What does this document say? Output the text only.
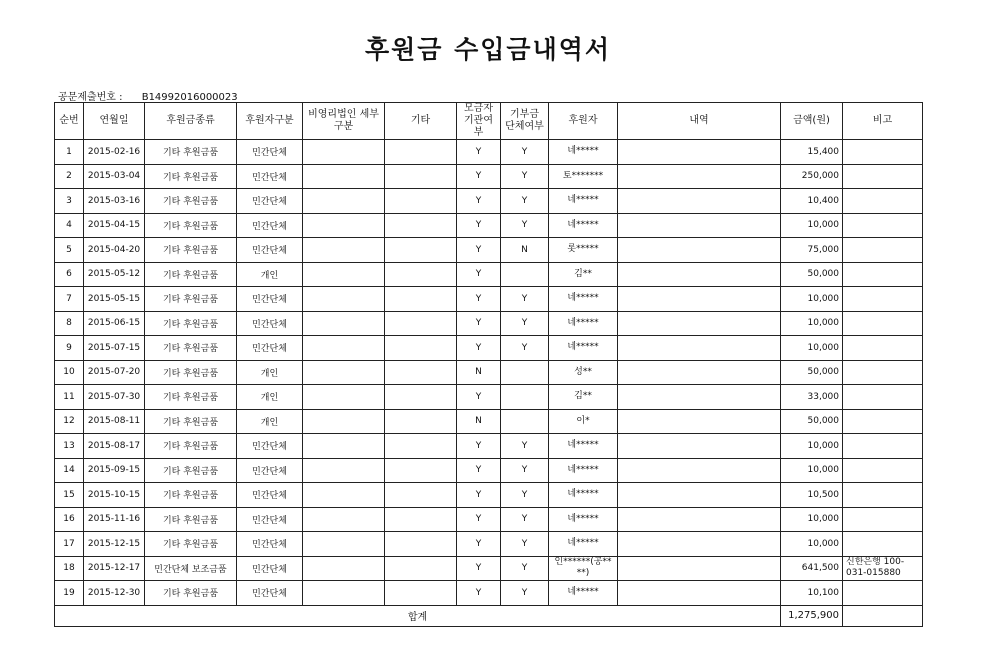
후원금 수입금내역서
공문제출번호 : B14992016000023
순번	연월일	후원금종류	후원자구분	비영리법인 세부구분	기타	모금자 기관여부	기부금 단체여부	후원자	내역	금액(원)	비고
1	2015-02-16	기타 후원금품	민간단체			Y	Y	네*****		15,400	
2	2015-03-04	기타 후원금품	민간단체			Y	Y	토*******		250,000	
3	2015-03-16	기타 후원금품	민간단체			Y	Y	네*****		10,400	
4	2015-04-15	기타 후원금품	민간단체			Y	Y	네*****		10,000	
5	2015-04-20	기타 후원금품	민간단체			Y	N	롯*****		75,000	
6	2015-05-12	기타 후원금품	개인			Y		김**		50,000	
7	2015-05-15	기타 후원금품	민간단체			Y	Y	네*****		10,000	
8	2015-06-15	기타 후원금품	민간단체			Y	Y	네*****		10,000	
9	2015-07-15	기타 후원금품	민간단체			Y	Y	네*****		10,000	
10	2015-07-20	기타 후원금품	개인			N		성**		50,000	
11	2015-07-30	기타 후원금품	개인			Y		김**		33,000	
12	2015-08-11	기타 후원금품	개인			N		이*		50,000	
13	2015-08-17	기타 후원금품	민간단체			Y	Y	네*****		10,000	
14	2015-09-15	기타 후원금품	민간단체			Y	Y	네*****		10,000	
15	2015-10-15	기타 후원금품	민간단체			Y	Y	네*****		10,500	
16	2015-11-16	기타 후원금품	민간단체			Y	Y	네*****		10,000	
17	2015-12-15	기타 후원금품	민간단체			Y	Y	네*****		10,000	
18	2015-12-17	민간단체 보조금품	민간단체			Y	Y	인******(공** **)		641,500	신한은행 100-031-015880
19	2015-12-30	기타 후원금품	민간단체			Y	Y	네*****		10,100	
합계										1,275,900	
